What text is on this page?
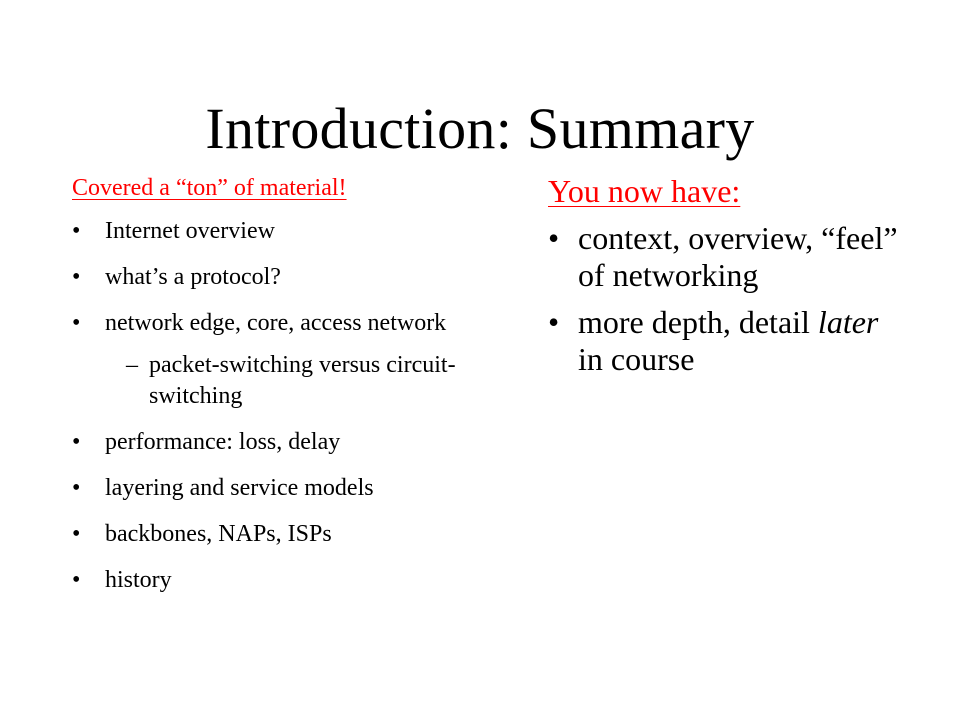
Introduction: Summary
Covered a “ton” of material!
• Internet overview
• what’s a protocol?
• network edge, core, access network
– packet-switching versus circuit-switching
• performance: loss, delay
• layering and service models
• backbones, NAPs, ISPs
• history
You now have:
• context, overview, “feel” of networking
• more depth, detail later in course
